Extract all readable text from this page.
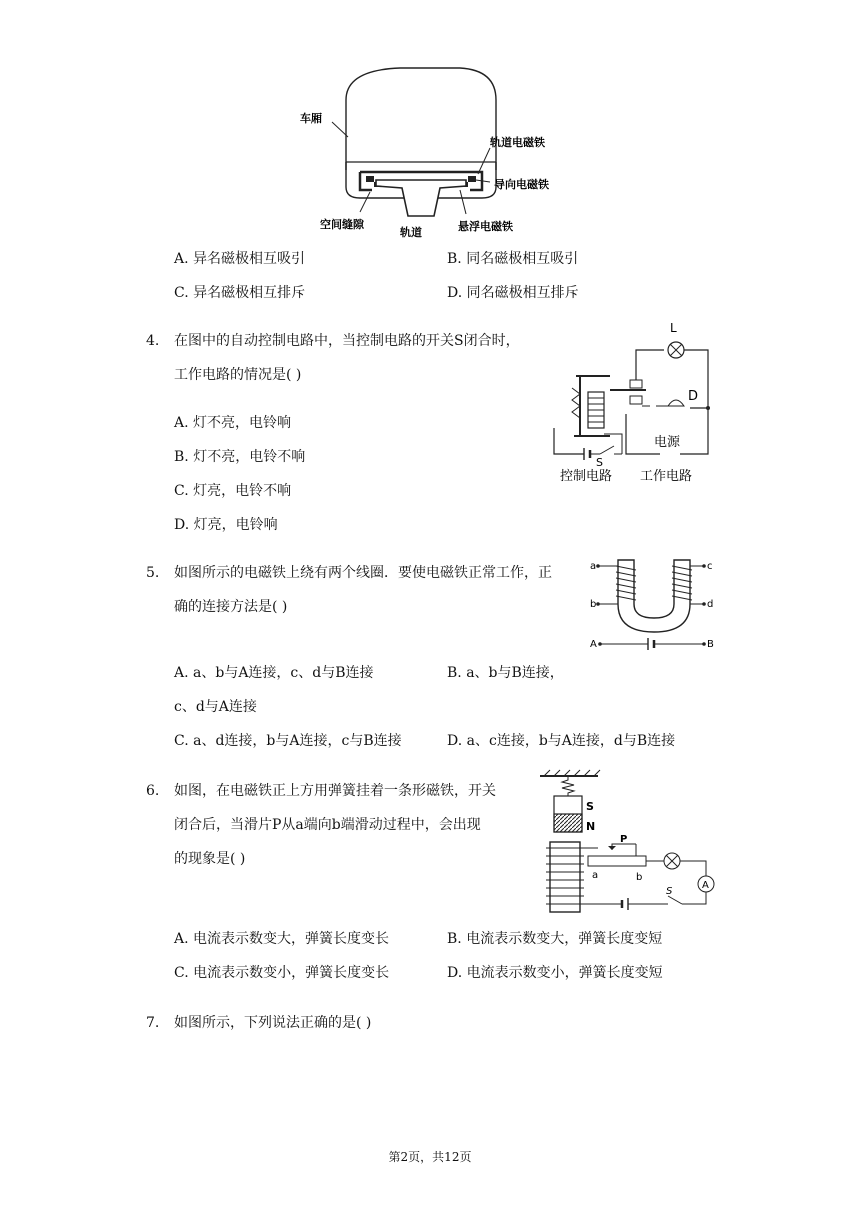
车厢
轨道电磁铁
导向电磁铁
空间缝隙
轨道	悬浮电磁铁
A. 异名磁极相互吸引	B. 同名磁极相互吸引
C. 异名磁极相互排斥	D. 同名磁极相互排斥
4. 在图中的自动控制电路中，当控制电路的开关S闭合时，
工作电路的情况是( )
A. 灯不亮，电铃响
B. 灯不亮，电铃不响
C. 灯亮，电铃不响
D. 灯亮，电铃响
L
D
S
电源
控制电路 工作电路
5. 如图所示的电磁铁上绕有两个线圈．要使电磁铁正常工作，正
确的连接方法是( )
a
b
c
d
A	B
A. a、b与A连接，c、d与B连接	B. a、b与B连接，
c、d与A连接
C. a、d连接，b与A连接，c与B连接	D. a、c连接，b与A连接，d与B连接
6. 如图，在电磁铁正上方用弹簧挂着一条形磁铁，开关
闭合后，当滑片P从a端向b端滑动过程中，会出现
的现象是( )
S
N
P
a	b
A
S
A. 电流表示数变大，弹簧长度变长	B. 电流表示数变大，弹簧长度变短
C. 电流表示数变小，弹簧长度变长	D. 电流表示数变小，弹簧长度变短
7. 如图所示，下列说法正确的是( )
第2页，共12页
